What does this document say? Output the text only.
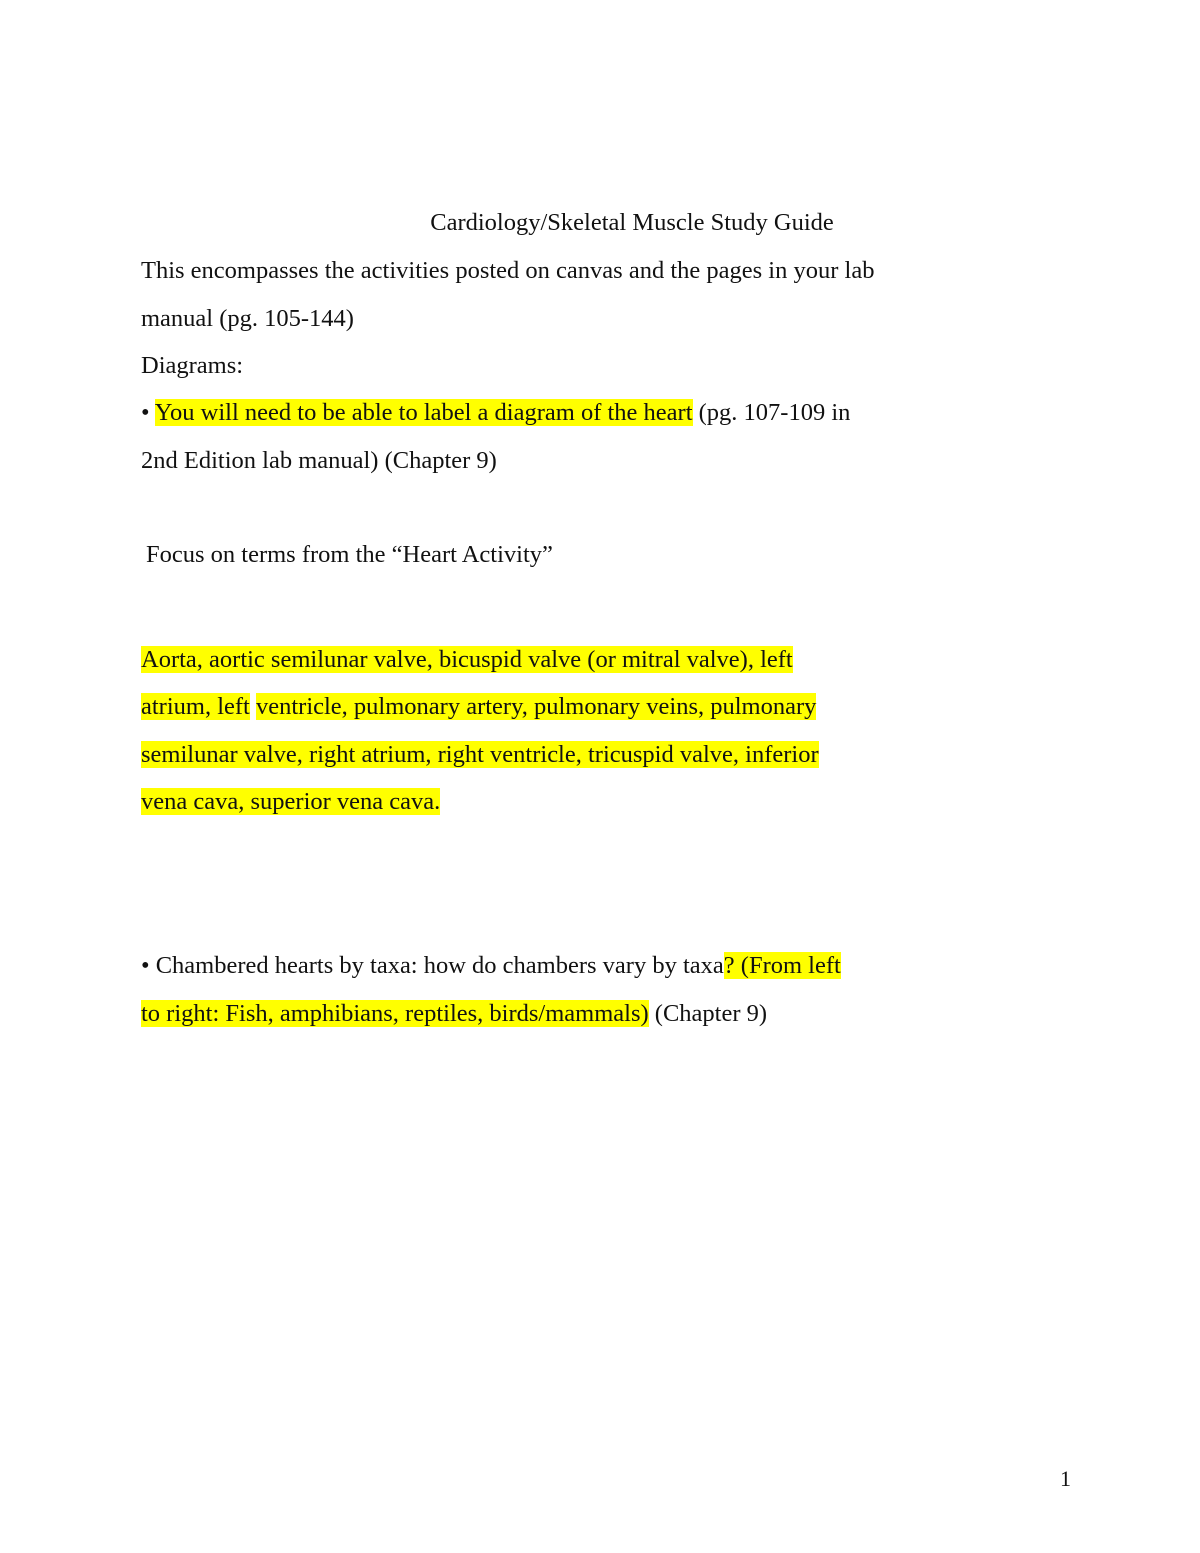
Cardiology/Skeletal Muscle Study Guide
This encompasses the activities posted on canvas and the pages in your lab
manual (pg. 105-144)
Diagrams:
• You will need to be able to label a diagram of the heart (pg. 107-109 in
2nd Edition lab manual) (Chapter 9)
Focus on terms from the “Heart Activity”
Aorta, aortic semilunar valve, bicuspid valve (or mitral valve), left
atrium, left ventricle, pulmonary artery, pulmonary veins, pulmonary
semilunar valve, right atrium, right ventricle, tricuspid valve, inferior
vena cava, superior vena cava.
• Chambered hearts by taxa: how do chambers vary by taxa? (From left
to right: Fish, amphibians, reptiles, birds/mammals) (Chapter 9)
1
